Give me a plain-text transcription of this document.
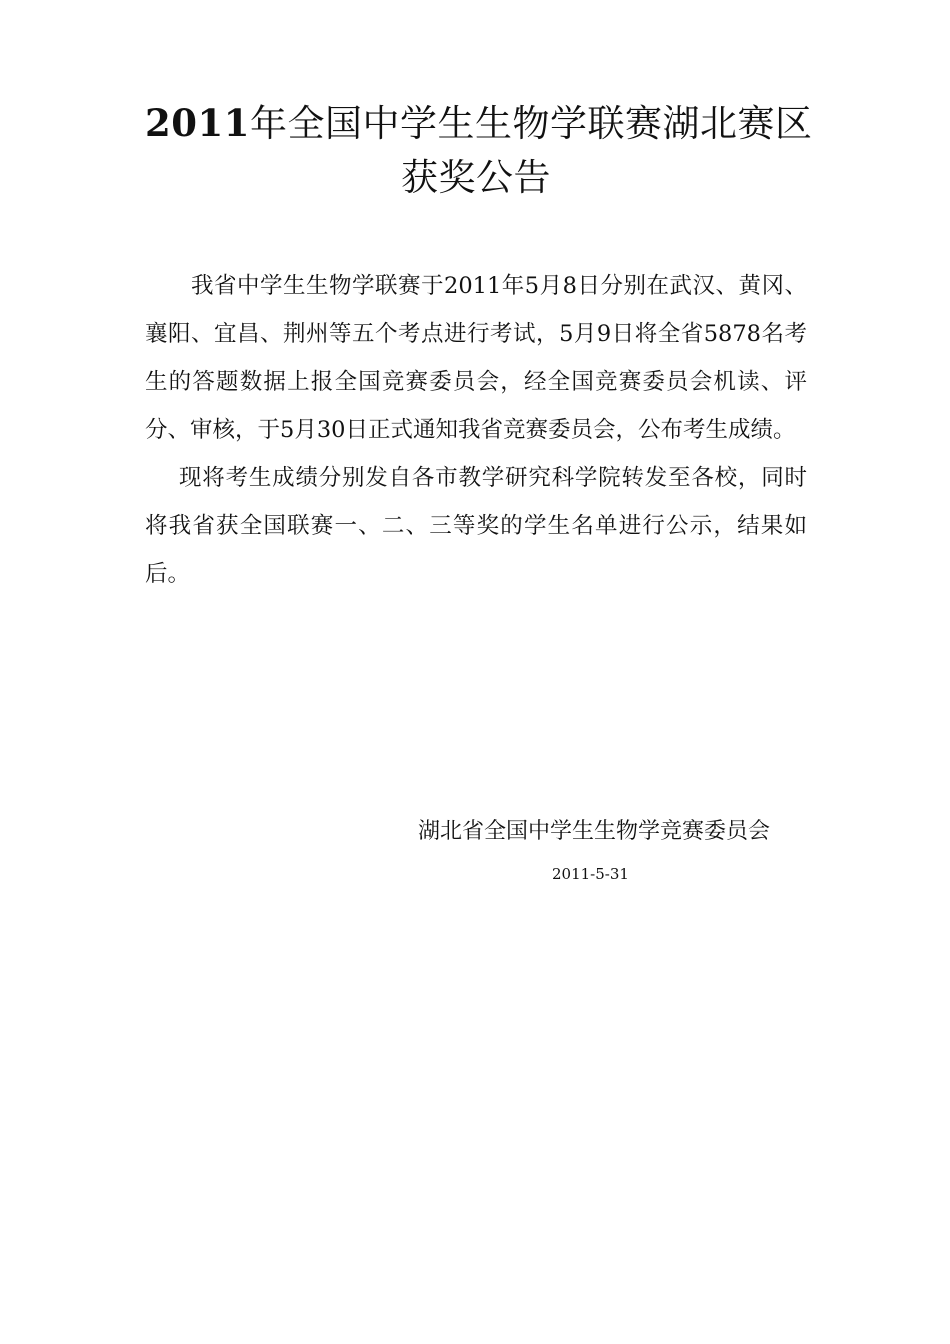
2011年全国中学生生物学联赛湖北赛区
获奖公告

我省中学生生物学联赛于2011年5月8日分别在武汉、黄冈、襄阳、宜昌、荆州等五个考点进行考试，5月9日将全省5878名考生的答题数据上报全国竞赛委员会，经全国竞赛委员会机读、评分、审核，于5月30日正式通知我省竞赛委员会，公布考生成绩。

现将考生成绩分别发自各市教学研究科学院转发至各校，同时将我省获全国联赛一、二、三等奖的学生名单进行公示，结果如后。

湖北省全国中学生生物学竞赛委员会
2011-5-31
